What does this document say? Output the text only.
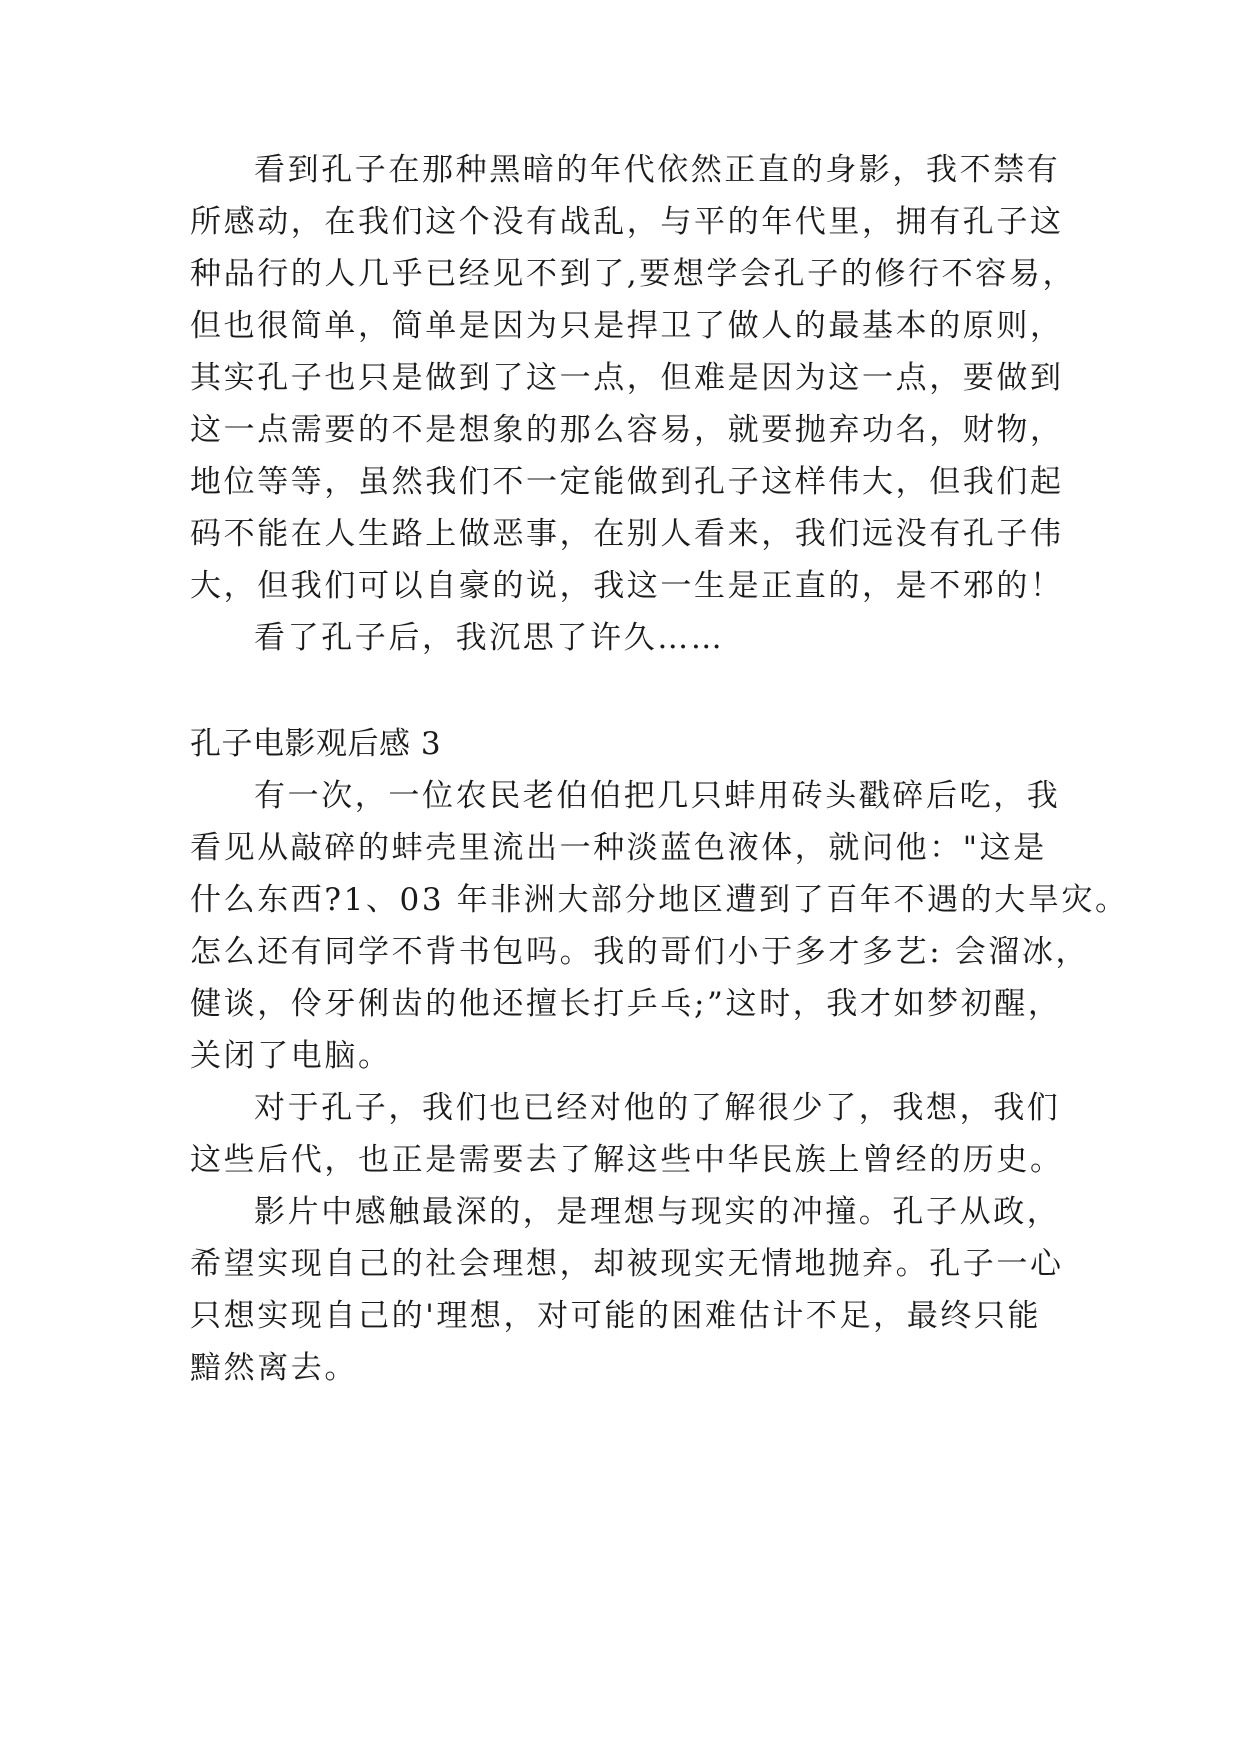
看到孔子在那种黑暗的年代依然正直的身影，我不禁有
所感动，在我们这个没有战乱，与平的年代里，拥有孔子这
种品行的人几乎已经见不到了,要想学会孔子的修行不容易，
但也很简单，简单是因为只是捍卫了做人的最基本的原则，
其实孔子也只是做到了这一点，但难是因为这一点，要做到
这一点需要的不是想象的那么容易，就要抛弃功名，财物，
地位等等，虽然我们不一定能做到孔子这样伟大，但我们起
码不能在人生路上做恶事，在别人看来，我们远没有孔子伟
大，但我们可以自豪的说，我这一生是正直的，是不邪的！
看了孔子后，我沉思了许久……
孔子电影观后感 3
有一次，一位农民老伯伯把几只蚌用砖头戳碎后吃，我
看见从敲碎的蚌壳里流出一种淡蓝色液体，就问他："这是
什么东西?1、03 年非洲大部分地区遭到了百年不遇的大旱灾。
怎么还有同学不背书包吗。我的哥们小于多才多艺: 会溜冰，
健谈，伶牙俐齿的他还擅长打乒乓;”这时，我才如梦初醒，
关闭了电脑。
对于孔子，我们也已经对他的了解很少了，我想，我们
这些后代，也正是需要去了解这些中华民族上曾经的历史。
影片中感触最深的，是理想与现实的冲撞。孔子从政，
希望实现自己的社会理想，却被现实无情地抛弃。孔子一心
只想实现自己的'理想，对可能的困难估计不足，最终只能
黯然离去。
